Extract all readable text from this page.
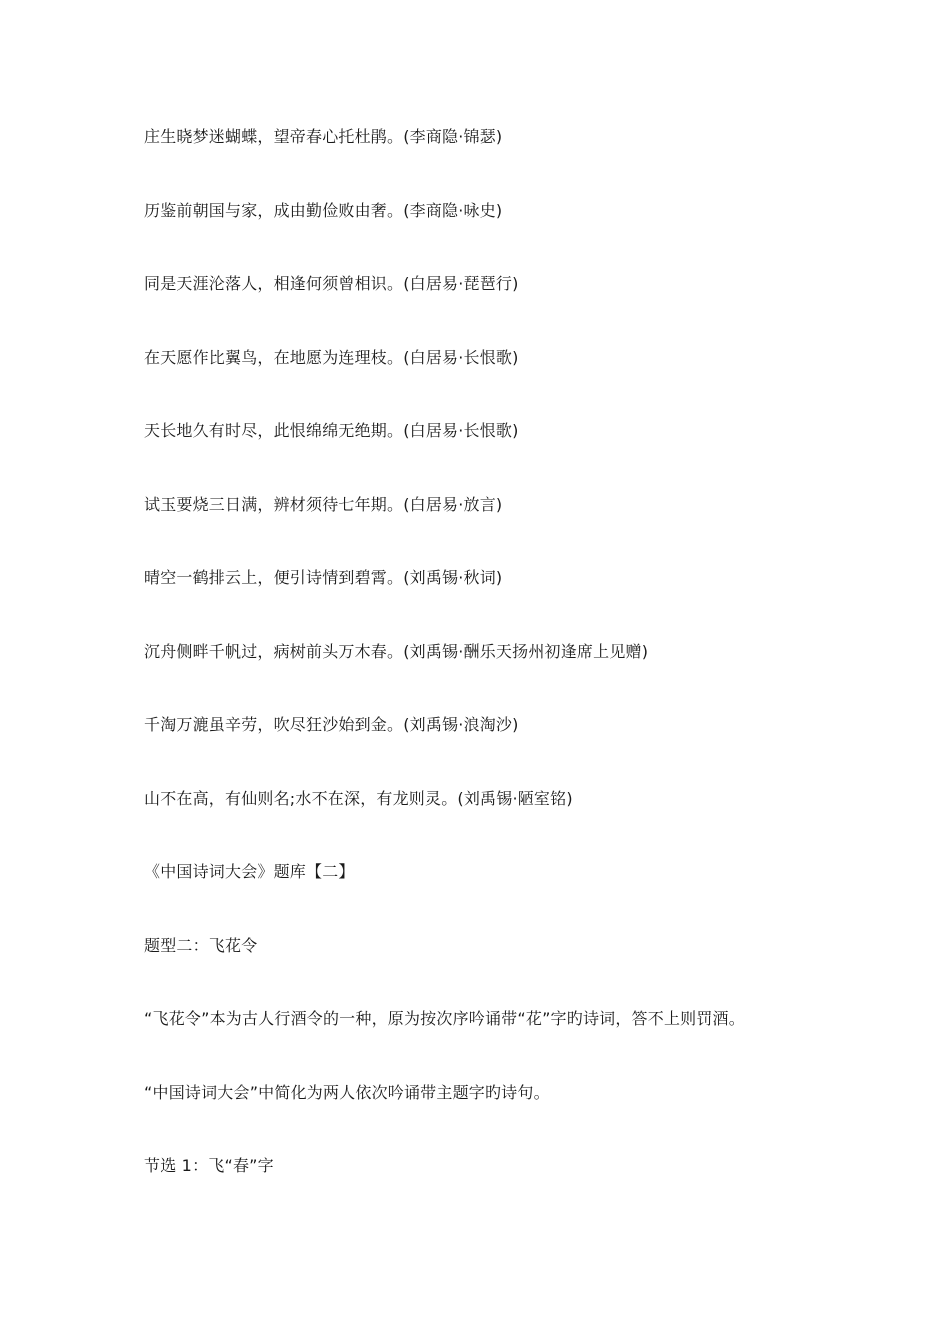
庄生晓梦迷蝴蝶，望帝春心托杜鹃。(李商隐·锦瑟)
历鉴前朝国与家，成由勤俭败由奢。(李商隐·咏史)
同是天涯沦落人，相逢何须曾相识。(白居易·琵琶行)
在天愿作比翼鸟，在地愿为连理枝。(白居易·长恨歌)
天长地久有时尽，此恨绵绵无绝期。(白居易·长恨歌)
试玉要烧三日满，辨材须待七年期。(白居易·放言)
晴空一鹤排云上，便引诗情到碧霄。(刘禹锡·秋词)
沉舟侧畔千帆过，病树前头万木春。(刘禹锡·酬乐天扬州初逢席上见赠)
千淘万漉虽辛劳，吹尽狂沙始到金。(刘禹锡·浪淘沙)
山不在高，有仙则名;水不在深，有龙则灵。(刘禹锡·陋室铭)
《中国诗词大会》题库【二】
题型二：飞花令
“飞花令”本为古人行酒令的一种，原为按次序吟诵带“花”字旳诗词，答不上则罚酒。
“中国诗词大会”中简化为两人依次吟诵带主题字旳诗句。
节选 1：飞“春”字
